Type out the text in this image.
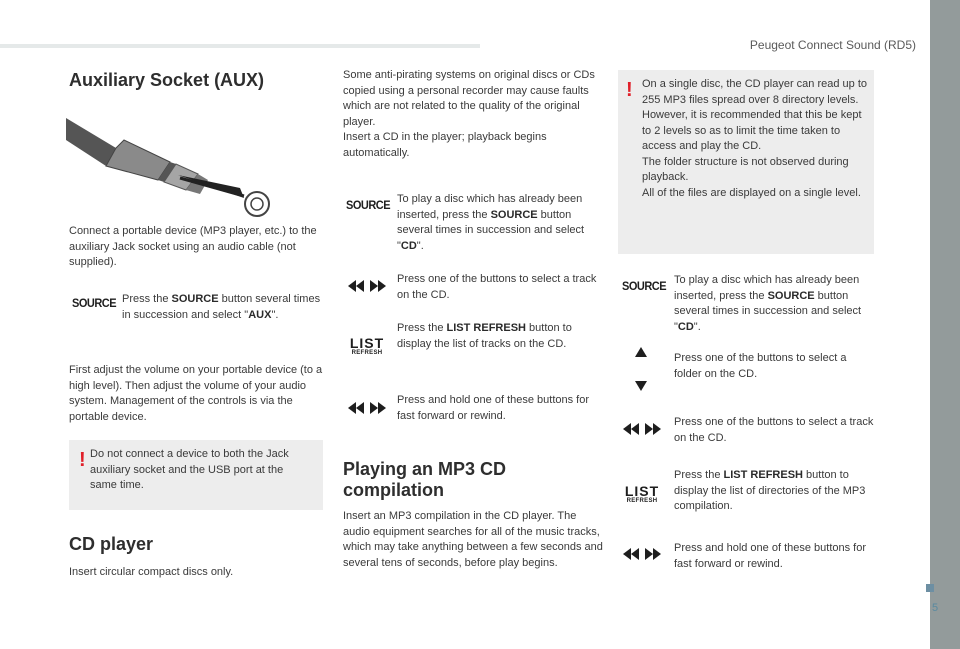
Peugeot Connect Sound (RD5)
5
Auxiliary Socket (AUX)
Connect a portable device (MP3 player, etc.) to the auxiliary Jack socket using an audio cable (not supplied).
SOURCE Press the SOURCE button several times in succession and select "AUX".
First adjust the volume on your portable device (to a high level). Then adjust the volume of your audio system. Management of the controls is via the portable device.
! Do not connect a device to both the Jack auxiliary socket and the USB port at the same time.
CD player
Insert circular compact discs only.
Some anti-pirating systems on original discs or CDs copied using a personal recorder may cause faults which are not related to the quality of the original player.
Insert a CD in the player; playback begins automatically.
SOURCE
To play a disc which has already been inserted, press the SOURCE button several times in succession and select "CD".
Press one of the buttons to select a track on the CD.
LIST
REFRESH
Press the LIST REFRESH button to display the list of tracks on the CD.
Press and hold one of these buttons for fast forward or rewind.
Playing an MP3 CD
compilation
Insert an MP3 compilation in the CD player. The audio equipment searches for all of the music tracks, which may take anything between a few seconds and several tens of seconds, before play begins.
! On a single disc, the CD player can read up to 255 MP3 files spread over 8 directory levels. However, it is recommended that this be kept to 2 levels so as to limit the time taken to access and play the CD.
The folder structure is not observed during playback.
All of the files are displayed on a single level.
SOURCE
To play a disc which has already been inserted, press the SOURCE button several times in succession and select "CD".
Press one of the buttons to select a folder on the CD.
Press one of the buttons to select a track on the CD.
LIST
REFRESH
Press the LIST REFRESH button to display the list of directories of the MP3 compilation.
Press and hold one of these buttons for fast forward or rewind.
